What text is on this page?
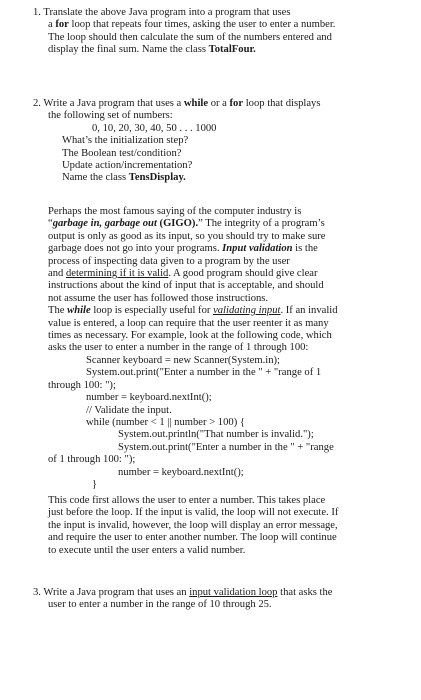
1. Translate the above Java program into a program that uses
a for loop that repeats four times, asking the user to enter a number.
The loop should then calculate the sum of the numbers entered and
display the final sum. Name the class TotalFour.
2. Write a Java program that uses a while or a for loop that displays
the following set of numbers:
0, 10, 20, 30, 40, 50 . . . 1000
What’s the initialization step?
The Boolean test/condition?
Update action/incrementation?
Name the class TensDisplay.
Perhaps the most famous saying of the computer industry is
“garbage in, garbage out (GIGO).” The integrity of a program’s
output is only as good as its input, so you should try to make sure
garbage does not go into your programs. Input validation is the
process of inspecting data given to a program by the user
and determining if it is valid. A good program should give clear
instructions about the kind of input that is acceptable, and should
not assume the user has followed those instructions.
The while loop is especially useful for validating input. If an invalid
value is entered, a loop can require that the user reenter it as many
times as necessary. For example, look at the following code, which
asks the user to enter a number in the range of 1 through 100:
Scanner keyboard = new Scanner(System.in);
System.out.print("Enter a number in the " + "range of 1
through 100: ");
number = keyboard.nextInt();
// Validate the input.
while (number < 1 || number > 100) {
System.out.println("That number is invalid.");
System.out.print("Enter a number in the " + "range
of 1 through 100: ");
number = keyboard.nextInt();
}
This code first allows the user to enter a number. This takes place
just before the loop. If the input is valid, the loop will not execute. If
the input is invalid, however, the loop will display an error message,
and require the user to enter another number. The loop will continue
to execute until the user enters a valid number.
3. Write a Java program that uses an input validation loop that asks the
user to enter a number in the range of 10 through 25.
